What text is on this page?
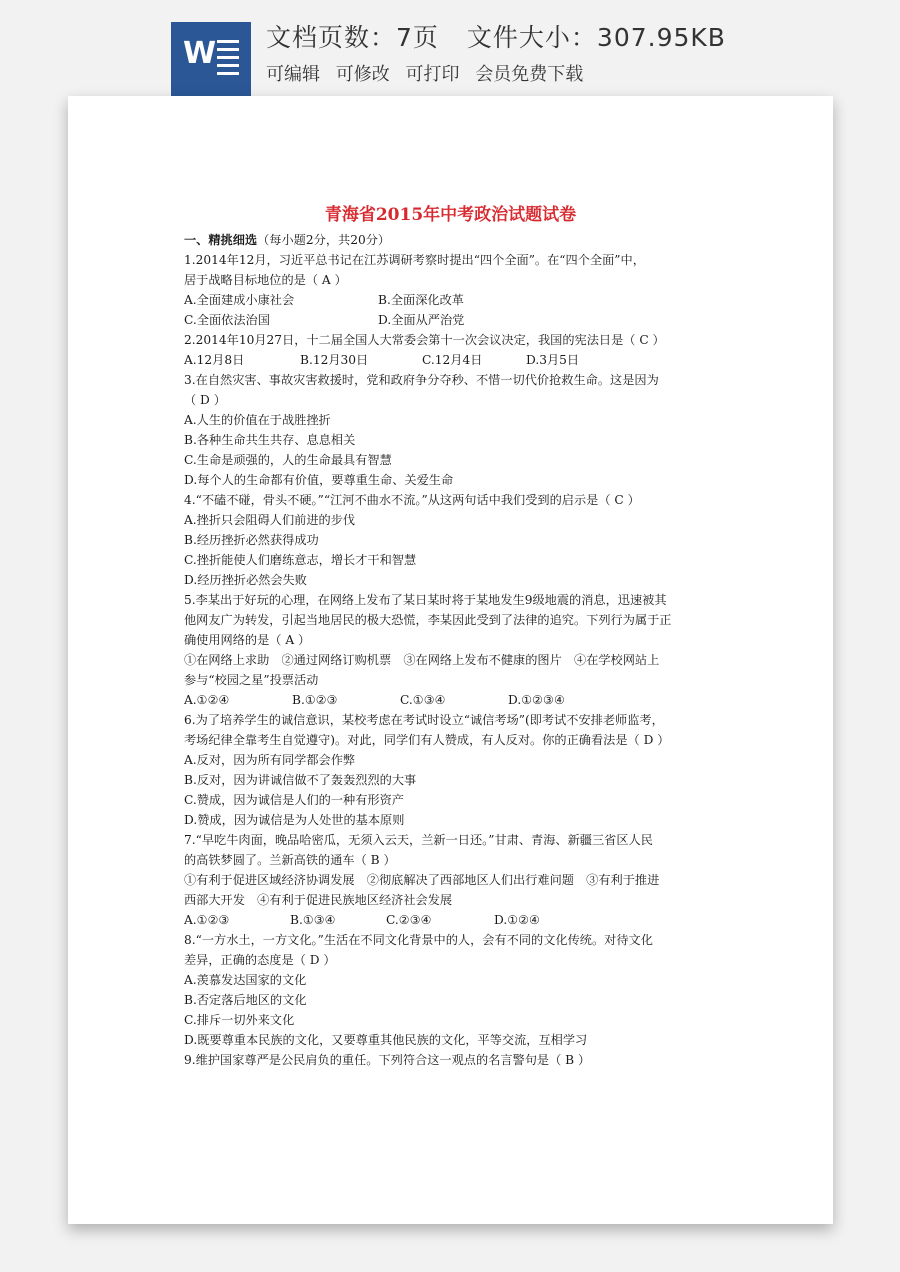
W 文档页数：7页 文件大小：307.95KB
可编辑 可修改 可打印 会员免费下载
青海省2015年中考政治试题试卷
一、精挑细选（每小题2分，共20分）
1.2014年12月，习近平总书记在江苏调研考察时提出“四个全面”。在“四个全面”中，
居于战略目标地位的是（ A ）
A.全面建成小康社会	B.全面深化改革
C.全面依法治国	D.全面从严治党
2.2014年10月27日，十二届全国人大常委会第十一次会议决定，我国的宪法日是（ C ）
A.12月8日	B.12月30日	C.12月4日	D.3月5日
3.在自然灾害、事故灾害救援时，党和政府争分夺秒、不惜一切代价抢救生命。这是因为
（ D ）
A.人生的价值在于战胜挫折
B.各种生命共生共存、息息相关
C.生命是顽强的，人的生命最具有智慧
D.每个人的生命都有价值，要尊重生命、关爱生命
4.“不磕不碰，骨头不硬。”“江河不曲水不流。”从这两句话中我们受到的启示是（ C ）
A.挫折只会阻碍人们前进的步伐
B.经历挫折必然获得成功
C.挫折能使人们磨练意志，增长才干和智慧
D.经历挫折必然会失败
5.李某出于好玩的心理，在网络上发布了某日某时将于某地发生9级地震的消息，迅速被其
他网友广为转发，引起当地居民的极大恐慌，李某因此受到了法律的追究。下列行为属于正
确使用网络的是（ A ）
①在网络上求助　②通过网络订购机票　③在网络上发布不健康的图片　④在学校网站上
参与“校园之星”投票活动
A.①②④	B.①②③	C.①③④	D.①②③④
6.为了培养学生的诚信意识，某校考虑在考试时设立“诚信考场”(即考试不安排老师监考，
考场纪律全靠考生自觉遵守)。对此，同学们有人赞成，有人反对。你的正确看法是（ D ）
A.反对，因为所有同学都会作弊
B.反对，因为讲诚信做不了轰轰烈烈的大事
C.赞成，因为诚信是人们的一种有形资产
D.赞成，因为诚信是为人处世的基本原则
7.“早吃牛肉面，晚品哈密瓜，无须入云天，兰新一日还。”甘肃、青海、新疆三省区人民
的高铁梦圆了。兰新高铁的通车（ B ）
①有利于促进区域经济协调发展　②彻底解决了西部地区人们出行难问题　③有利于推进
西部大开发　④有利于促进民族地区经济社会发展
A.①②③	B.①③④	C.②③④	D.①②④
8.“一方水土，一方文化。”生活在不同文化背景中的人，会有不同的文化传统。对待文化
差异，正确的态度是（ D ）
A.羡慕发达国家的文化
B.否定落后地区的文化
C.排斥一切外来文化
D.既要尊重本民族的文化，又要尊重其他民族的文化，平等交流，互相学习
9.维护国家尊严是公民肩负的重任。下列符合这一观点的名言警句是（ B ）
